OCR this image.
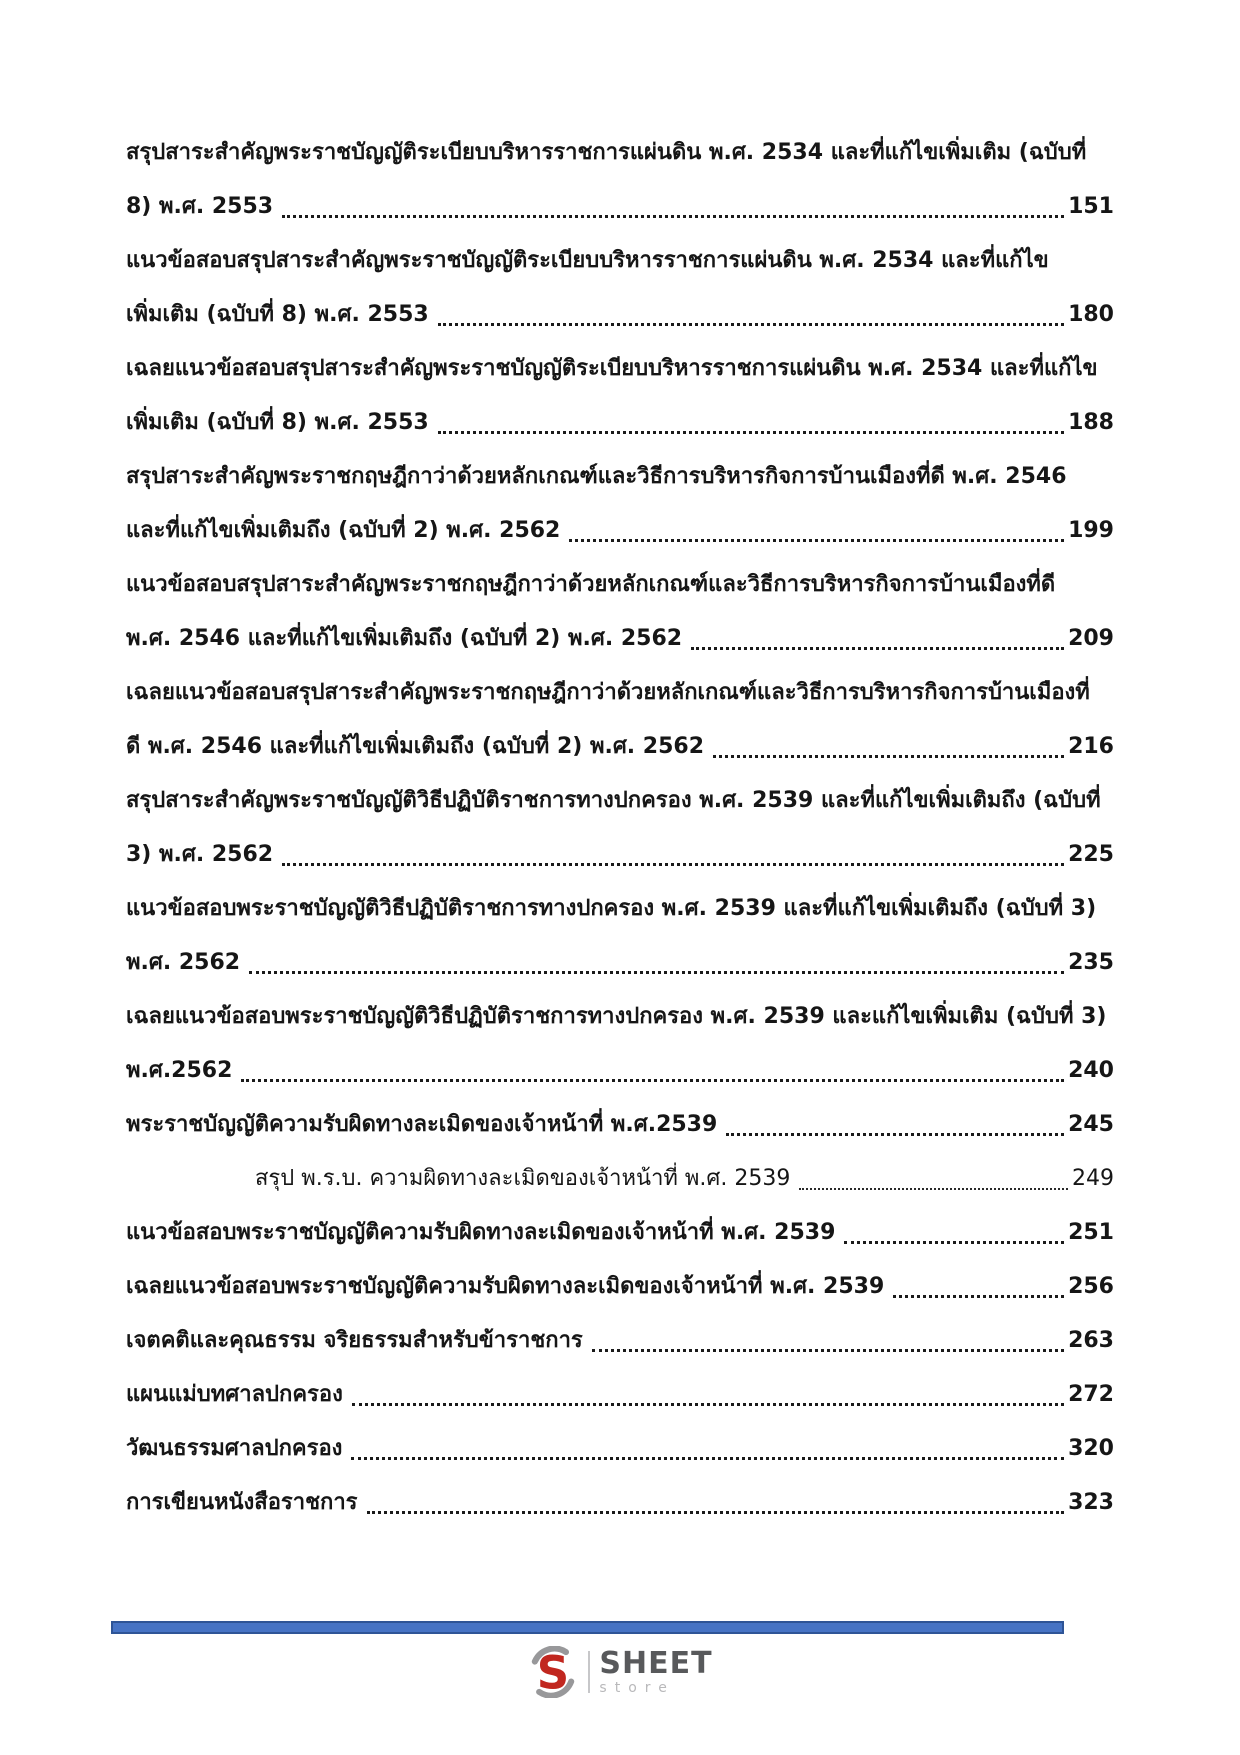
สรุปสาระสำคัญพระราชบัญญัติระเบียบบริหารราชการแผ่นดิน พ.ศ. 2534 และที่แก้ไขเพิ่มเติม (ฉบับที่
8) พ.ศ. 2553	151
แนวข้อสอบสรุปสาระสำคัญพระราชบัญญัติระเบียบบริหารราชการแผ่นดิน พ.ศ. 2534 และที่แก้ไข
เพิ่มเติม (ฉบับที่ 8) พ.ศ. 2553	180
เฉลยแนวข้อสอบสรุปสาระสำคัญพระราชบัญญัติระเบียบบริหารราชการแผ่นดิน พ.ศ. 2534 และที่แก้ไข
เพิ่มเติม (ฉบับที่ 8) พ.ศ. 2553	188
สรุปสาระสำคัญพระราชกฤษฎีกาว่าด้วยหลักเกณฑ์และวิธีการบริหารกิจการบ้านเมืองที่ดี พ.ศ. 2546
และที่แก้ไขเพิ่มเติมถึง (ฉบับที่ 2) พ.ศ. 2562	199
แนวข้อสอบสรุปสาระสำคัญพระราชกฤษฎีกาว่าด้วยหลักเกณฑ์และวิธีการบริหารกิจการบ้านเมืองที่ดี
พ.ศ. 2546 และที่แก้ไขเพิ่มเติมถึง (ฉบับที่ 2) พ.ศ. 2562	209
เฉลยแนวข้อสอบสรุปสาระสำคัญพระราชกฤษฎีกาว่าด้วยหลักเกณฑ์และวิธีการบริหารกิจการบ้านเมืองที่
ดี พ.ศ. 2546 และที่แก้ไขเพิ่มเติมถึง (ฉบับที่ 2) พ.ศ. 2562	216
สรุปสาระสำคัญพระราชบัญญัติวิธีปฏิบัติราชการทางปกครอง พ.ศ. 2539 และที่แก้ไขเพิ่มเติมถึง (ฉบับที่
3) พ.ศ. 2562	225
แนวข้อสอบพระราชบัญญัติวิธีปฏิบัติราชการทางปกครอง พ.ศ. 2539 และที่แก้ไขเพิ่มเติมถึง (ฉบับที่ 3)
พ.ศ. 2562	235
เฉลยแนวข้อสอบพระราชบัญญัติวิธีปฏิบัติราชการทางปกครอง พ.ศ. 2539 และแก้ไขเพิ่มเติม (ฉบับที่ 3)
พ.ศ.2562	240
พระราชบัญญัติความรับผิดทางละเมิดของเจ้าหน้าที่ พ.ศ.2539	245
สรุป พ.ร.บ. ความผิดทางละเมิดของเจ้าหน้าที่ พ.ศ. 2539	249
แนวข้อสอบพระราชบัญญัติความรับผิดทางละเมิดของเจ้าหน้าที่ พ.ศ. 2539	251
เฉลยแนวข้อสอบพระราชบัญญัติความรับผิดทางละเมิดของเจ้าหน้าที่ พ.ศ. 2539	256
เจตคติและคุณธรรม จริยธรรมสำหรับข้าราชการ	263
แผนแม่บทศาลปกครอง	272
วัฒนธรรมศาลปกครอง	320
การเขียนหนังสือราชการ	323
S SHEET
store
